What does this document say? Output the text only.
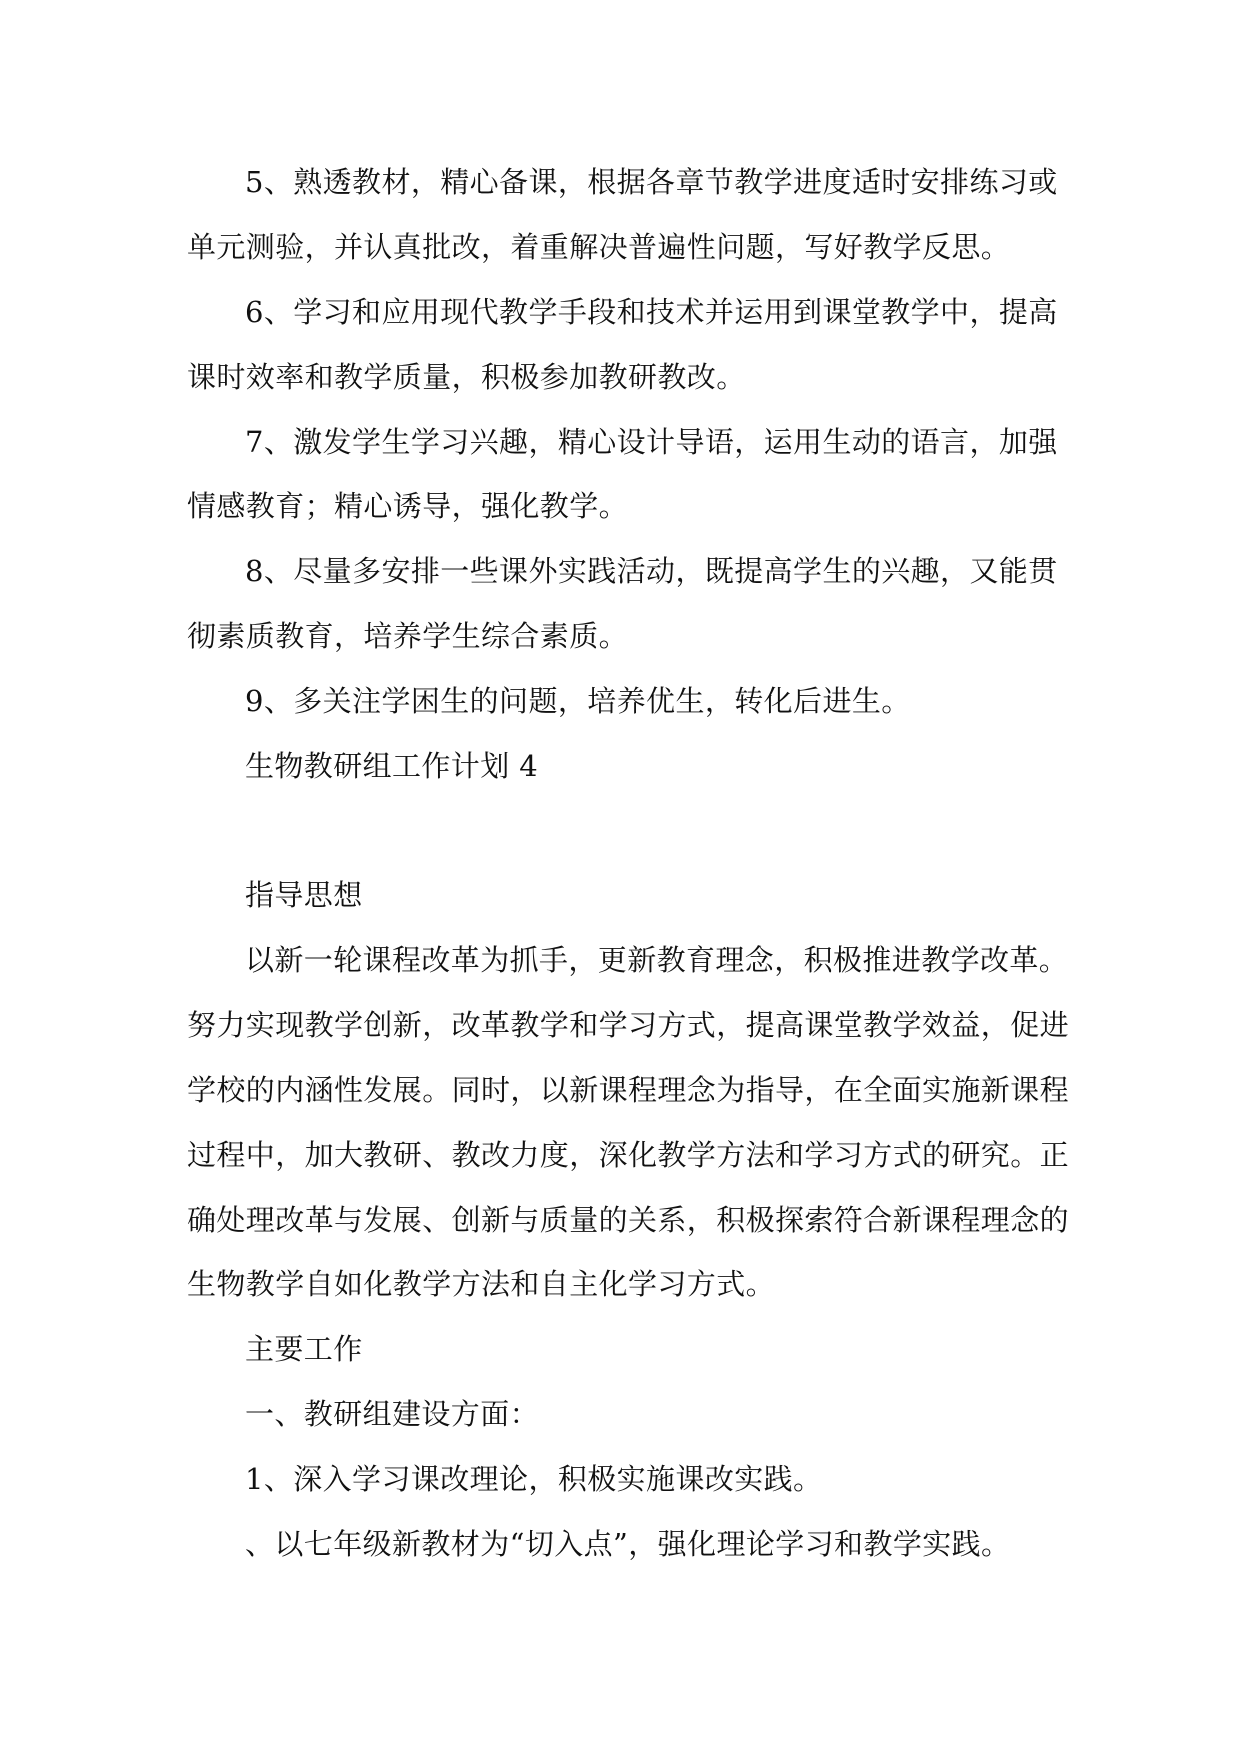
5、熟透教材，精心备课，根据各章节教学进度适时安排练习或
单元测验，并认真批改，着重解决普遍性问题，写好教学反思。
6、学习和应用现代教学手段和技术并运用到课堂教学中，提高
课时效率和教学质量，积极参加教研教改。
7、激发学生学习兴趣，精心设计导语，运用生动的语言，加强
情感教育；精心诱导，强化教学。
8、尽量多安排一些课外实践活动，既提高学生的兴趣，又能贯
彻素质教育，培养学生综合素质。
9、多关注学困生的问题，培养优生，转化后进生。
生物教研组工作计划 4
指导思想
以新一轮课程改革为抓手，更新教育理念，积极推进教学改革。
努力实现教学创新，改革教学和学习方式，提高课堂教学效益，促进
学校的内涵性发展。同时，以新课程理念为指导，在全面实施新课程
过程中，加大教研、教改力度，深化教学方法和学习方式的研究。正
确处理改革与发展、创新与质量的关系，积极探索符合新课程理念的
生物教学自如化教学方法和自主化学习方式。
主要工作
一、教研组建设方面：
1、深入学习课改理论，积极实施课改实践。
、以七年级新教材为“切入点”，强化理论学习和教学实践。
